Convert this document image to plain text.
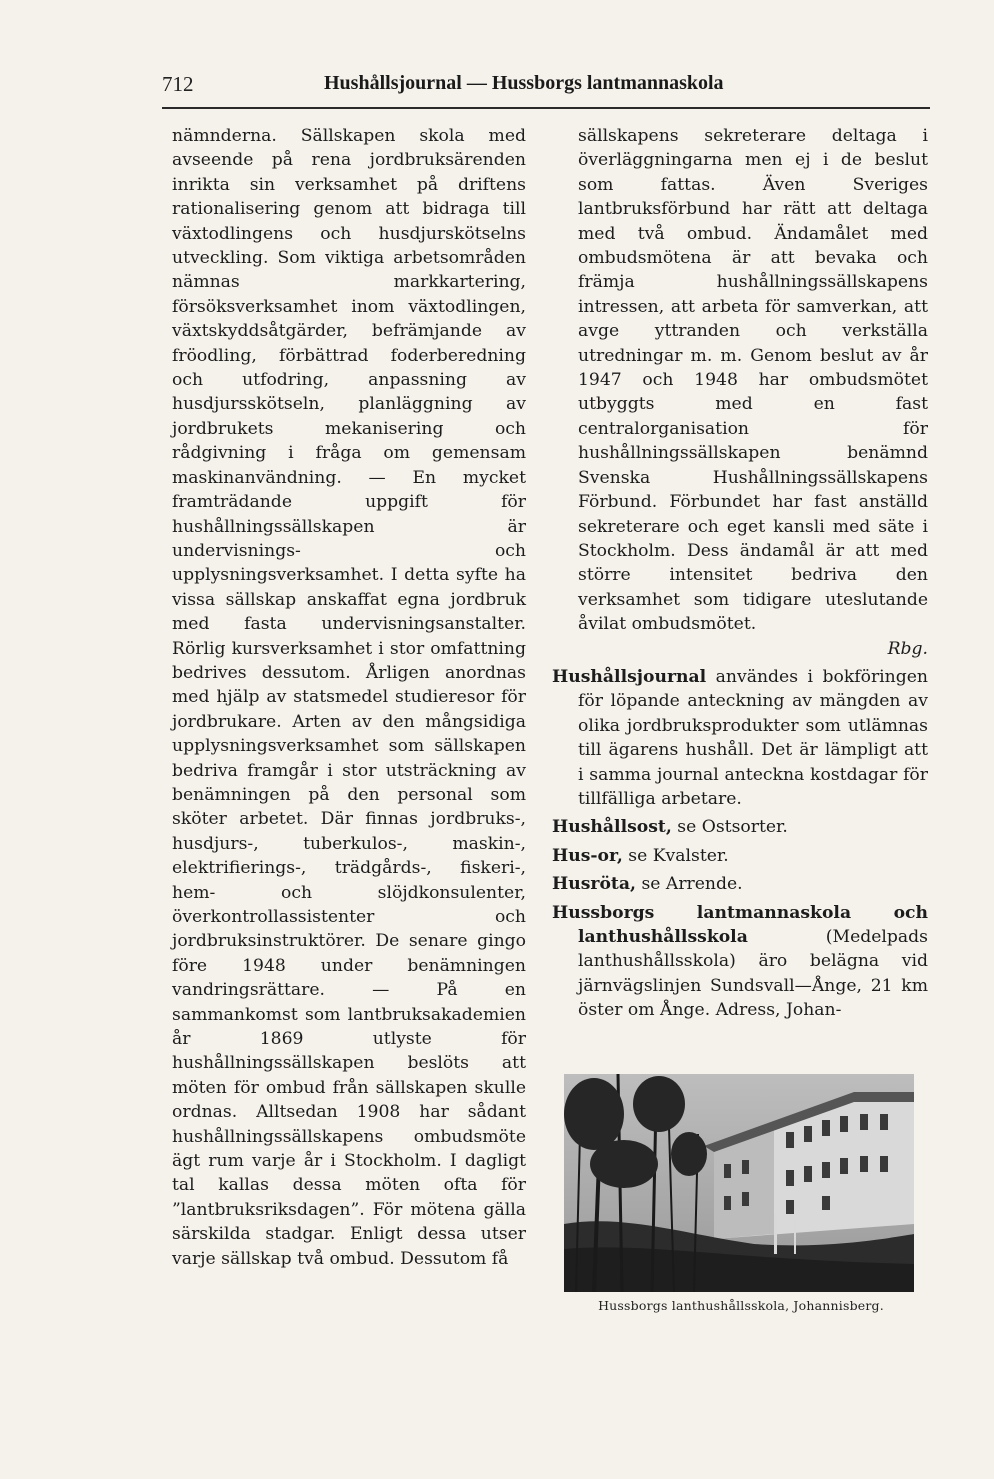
712	Hushållsjournal — Hussborgs lantmannaskola

nämnderna. Sällskapen skola med avseende på rena jordbruksärenden inrikta sin verksamhet på driftens rationalisering genom att bidraga till växtodlingens och husdjurskötselns utveckling. Som viktiga arbetsområden nämnas markkartering, försöksverksamhet inom växtodlingen, växtskyddsåtgärder, befrämjande av fröodling, förbättrad foderberedning och utfodring, anpassning av husdjursskötseln, planläggning av jordbrukets mekanisering och rådgivning i fråga om gemensam maskinanvändning. — En mycket framträdande uppgift för hushållningssällskapen är undervisnings- och upplysningsverksamhet. I detta syfte ha vissa sällskap anskaffat egna jordbruk med fasta undervisningsanstalter. Rörlig kursverksamhet i stor omfattning bedrives dessutom. Årligen anordnas med hjälp av statsmedel studieresor för jordbrukare. Arten av den mångsidiga upplysningsverksamhet som sällskapen bedriva framgår i stor utsträckning av benämningen på den personal som sköter arbetet. Där finnas jordbruks-, husdjurs-, tuberkulos-, maskin-, elektrifierings-, trädgårds-, fiskeri-, hem- och slöjdkonsulenter, överkontrollassistenter och jordbruksinstruktörer. De senare gingo före 1948 under benämningen vandringsrättare. — På en sammankomst som lantbruksakademien år 1869 utlyste för hushållningssällskapen beslöts att möten för ombud från sällskapen skulle ordnas. Alltsedan 1908 har sådant hushållningssällskapens ombudsmöte ägt rum varje år i Stockholm. I dagligt tal kallas dessa möten ofta för ”lantbruksriksdagen”. För mötena gälla särskilda stadgar. Enligt dessa utser varje sällskap två ombud. Dessutom få

sällskapens sekreterare deltaga i överläggningarna men ej i de beslut som fattas. Även Sveriges lantbruksförbund har rätt att deltaga med två ombud. Ändamålet med ombudsmötena är att bevaka och främja hushållningssällskapens intressen, att arbeta för samverkan, att avge yttranden och verkställa utredningar m. m. Genom beslut av år 1947 och 1948 har ombudsmötet utbyggts med en fast centralorganisation för hushållningssällskapen benämnd Svenska Hushållningssällskapens Förbund. Förbundet har fast anställd sekreterare och eget kansli med säte i Stockholm. Dess ändamål är att med större intensitet bedriva den verksamhet som tidigare uteslutande åvilat ombudsmötet.

Rbg.

Hushållsjournal användes i bokföringen för löpande anteckning av mängden av olika jordbruksprodukter som utlämnas till ägarens hushåll. Det är lämpligt att i samma journal anteckna kostdagar för tillfälliga arbetare.

Hushållsost, se Ostsorter.

Hus-or, se Kvalster.

Husröta, se Arrende.

Hussborgs lantmannaskola och lanthushållsskola (Medelpads lanthushållsskola) äro belägna vid järnvägslinjen Sundsvall—Ånge, 21 km öster om Ånge. Adress, Johan-

Hussborgs lanthushållsskola, Johannisberg.
